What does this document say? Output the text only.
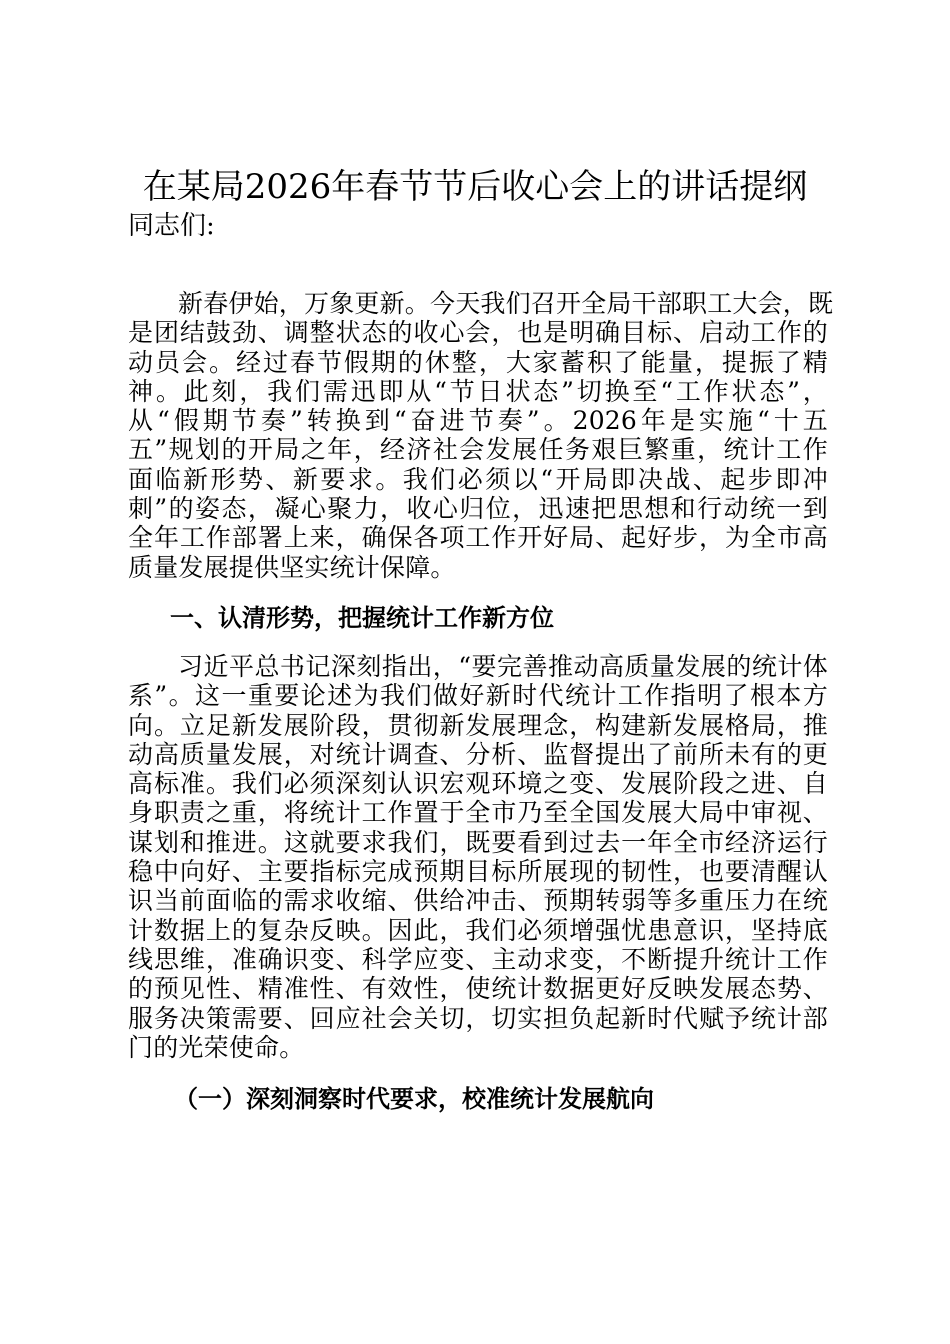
在某局2026年春节节后收心会上的讲话提纲

同志们:

新春伊始，万象更新。今天我们召开全局干部职工大会，既
是团结鼓劲、调整状态的收心会，也是明确目标、启动工作的
动员会。经过春节假期的休整，大家蓄积了能量，提振了精
神。此刻，我们需迅即从“节日状态”切换至“工作状态”，
从“假期节奏”转换到“奋进节奏”。2026年是实施“十五
五”规划的开局之年，经济社会发展任务艰巨繁重，统计工作
面临新形势、新要求。我们必须以“开局即决战、起步即冲
刺”的姿态，凝心聚力，收心归位，迅速把思想和行动统一到
全年工作部署上来，确保各项工作开好局、起好步，为全市高
质量发展提供坚实统计保障。

一、认清形势，把握统计工作新方位

习近平总书记深刻指出，“要完善推动高质量发展的统计体
系”。这一重要论述为我们做好新时代统计工作指明了根本方
向。立足新发展阶段，贯彻新发展理念，构建新发展格局，推
动高质量发展，对统计调查、分析、监督提出了前所未有的更
高标准。我们必须深刻认识宏观环境之变、发展阶段之进、自
身职责之重，将统计工作置于全市乃至全国发展大局中审视、
谋划和推进。这就要求我们，既要看到过去一年全市经济运行
稳中向好、主要指标完成预期目标所展现的韧性，也要清醒认
识当前面临的需求收缩、供给冲击、预期转弱等多重压力在统
计数据上的复杂反映。因此，我们必须增强忧患意识，坚持底
线思维，准确识变、科学应变、主动求变，不断提升统计工作
的预见性、精准性、有效性，使统计数据更好反映发展态势、
服务决策需要、回应社会关切，切实担负起新时代赋予统计部
门的光荣使命。

（一）深刻洞察时代要求，校准统计发展航向
